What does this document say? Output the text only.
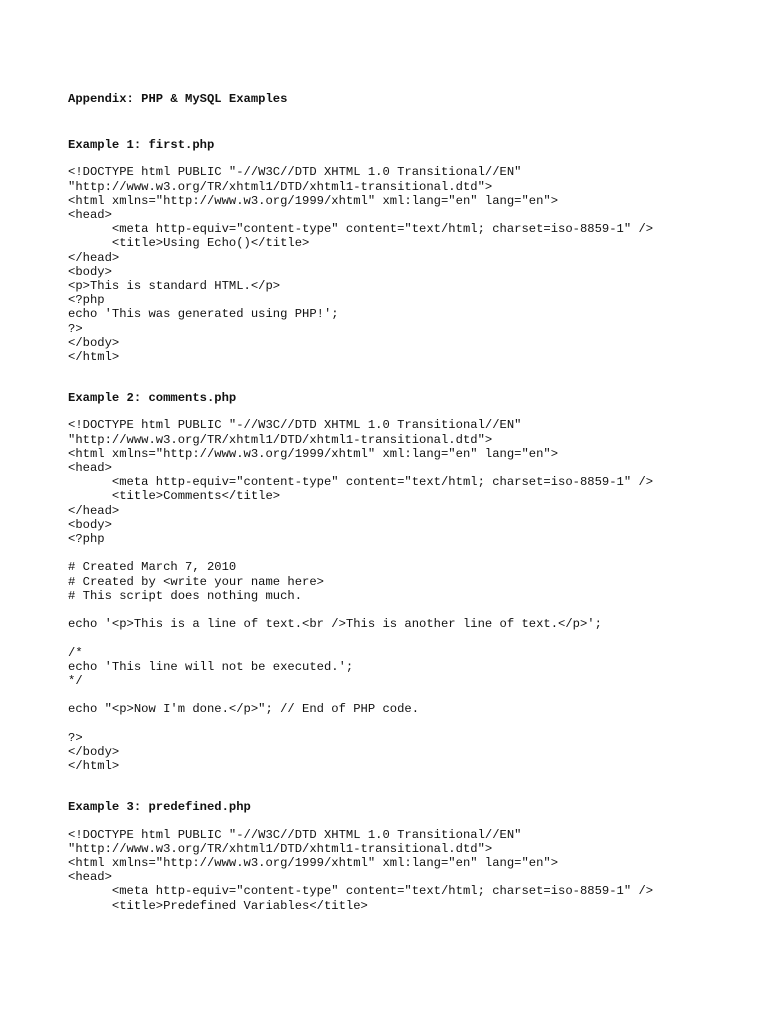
Appendix: PHP & MySQL Examples
Example 1: first.php
<!DOCTYPE html PUBLIC "-//W3C//DTD XHTML 1.0 Transitional//EN"
"http://www.w3.org/TR/xhtml1/DTD/xhtml1-transitional.dtd">
<html xmlns="http://www.w3.org/1999/xhtml" xml:lang="en" lang="en">
<head>
<meta http-equiv="content-type" content="text/html; charset=iso-8859-1" />
<title>Using Echo()</title>
</head>
<body>
<p>This is standard HTML.</p>
<?php
echo 'This was generated using PHP!';
?>
</body>
</html>
Example 2: comments.php
<!DOCTYPE html PUBLIC "-//W3C//DTD XHTML 1.0 Transitional//EN"
"http://www.w3.org/TR/xhtml1/DTD/xhtml1-transitional.dtd">
<html xmlns="http://www.w3.org/1999/xhtml" xml:lang="en" lang="en">
<head>
<meta http-equiv="content-type" content="text/html; charset=iso-8859-1" />
<title>Comments</title>
</head>
<body>
<?php
# Created March 7, 2010
# Created by <write your name here>
# This script does nothing much.
echo '<p>This is a line of text.<br />This is another line of text.</p>';
/*
echo 'This line will not be executed.';
*/
echo "<p>Now I'm done.</p>"; // End of PHP code.
?>
</body>
</html>
Example 3: predefined.php
<!DOCTYPE html PUBLIC "-//W3C//DTD XHTML 1.0 Transitional//EN"
"http://www.w3.org/TR/xhtml1/DTD/xhtml1-transitional.dtd">
<html xmlns="http://www.w3.org/1999/xhtml" xml:lang="en" lang="en">
<head>
<meta http-equiv="content-type" content="text/html; charset=iso-8859-1" />
<title>Predefined Variables</title>
